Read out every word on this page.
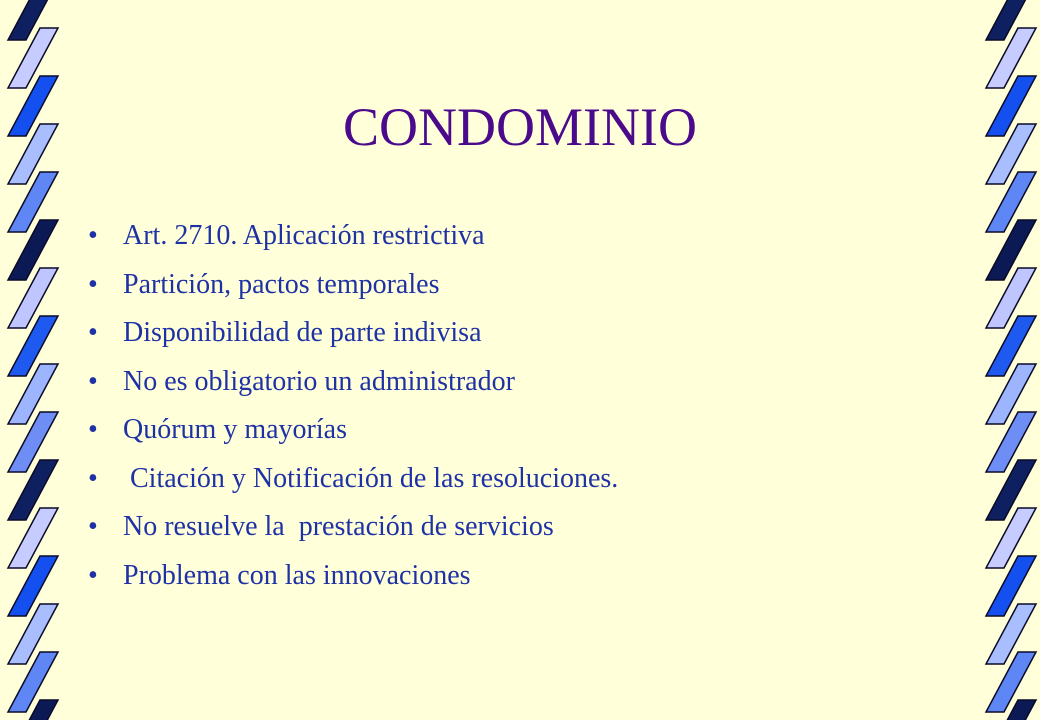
CONDOMINIO
• Art. 2710. Aplicación restrictiva
• Partición, pactos temporales
• Disponibilidad de parte indivisa
• No es obligatorio un administrador
• Quórum y mayorías
• Citación y Notificación de las resoluciones.
• No resuelve la  prestación de servicios
• Problema con las innovaciones
